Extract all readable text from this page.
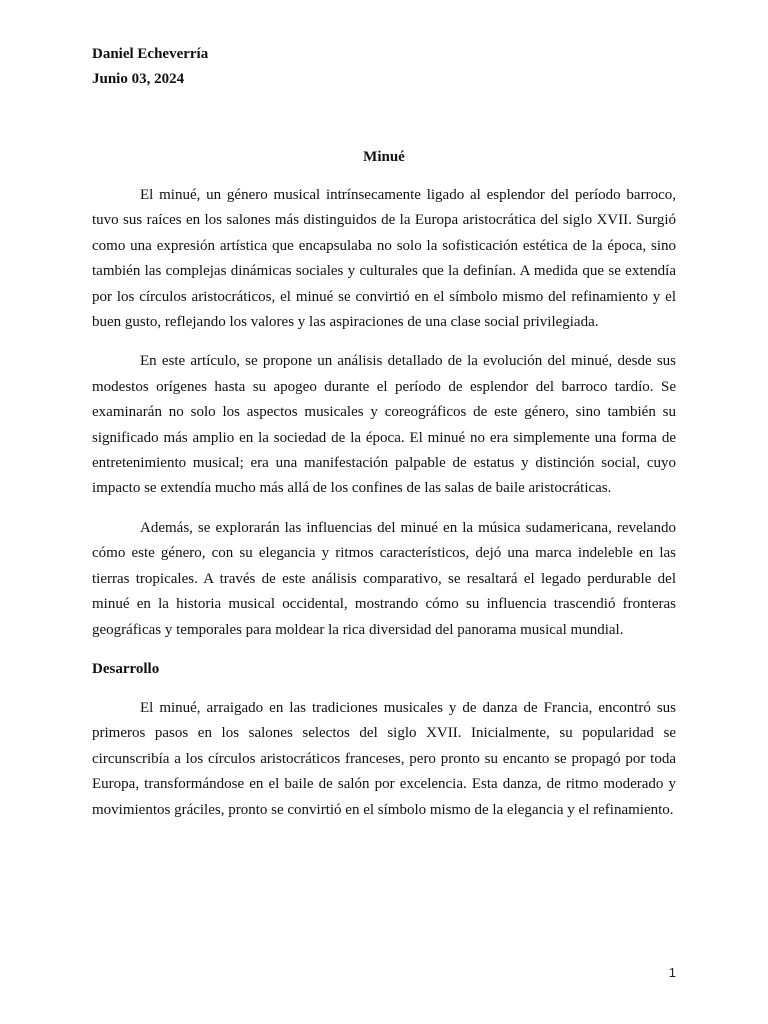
Daniel Echeverría
Junio 03, 2024
Minué

El minué, un género musical intrínsecamente ligado al esplendor del período barroco, tuvo sus raíces en los salones más distinguidos de la Europa aristocrática del siglo XVII. Surgió como una expresión artística que encapsulaba no solo la sofisticación estética de la época, sino también las complejas dinámicas sociales y culturales que la definían. A medida que se extendía por los círculos aristocráticos, el minué se convirtió en el símbolo mismo del refinamiento y el buen gusto, reflejando los valores y las aspiraciones de una clase social privilegiada.

En este artículo, se propone un análisis detallado de la evolución del minué, desde sus modestos orígenes hasta su apogeo durante el período de esplendor del barroco tardío. Se examinarán no solo los aspectos musicales y coreográficos de este género, sino también su significado más amplio en la sociedad de la época. El minué no era simplemente una forma de entretenimiento musical; era una manifestación palpable de estatus y distinción social, cuyo impacto se extendía mucho más allá de los confines de las salas de baile aristocráticas.

Además, se explorarán las influencias del minué en la música sudamericana, revelando cómo este género, con su elegancia y ritmos característicos, dejó una marca indeleble en las tierras tropicales. A través de este análisis comparativo, se resaltará el legado perdurable del minué en la historia musical occidental, mostrando cómo su influencia trascendió fronteras geográficas y temporales para moldear la rica diversidad del panorama musical mundial.

Desarrollo

El minué, arraigado en las tradiciones musicales y de danza de Francia, encontró sus primeros pasos en los salones selectos del siglo XVII. Inicialmente, su popularidad se circunscribía a los círculos aristocráticos franceses, pero pronto su encanto se propagó por toda Europa, transformándose en el baile de salón por excelencia. Esta danza, de ritmo moderado y movimientos gráciles, pronto se convirtió en el símbolo mismo de la elegancia y el refinamiento.

1
